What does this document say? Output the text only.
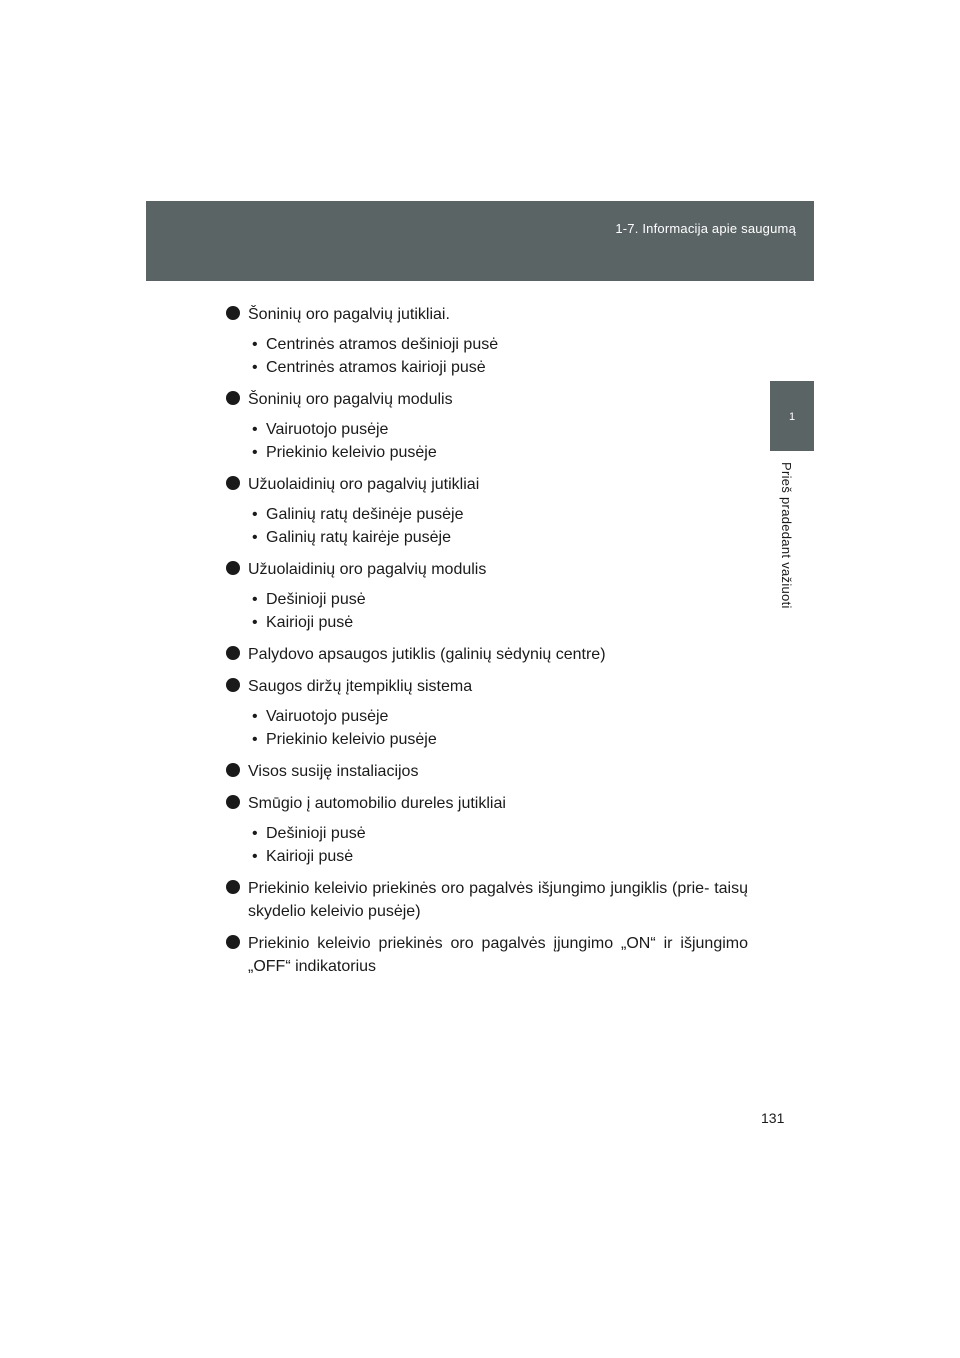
1-7. Informacija apie saugumą
1
Prieš pradedant važiuoti
Šoninių oro pagalvių jutikliai.
• Centrinės atramos dešinioji pusė
• Centrinės atramos kairioji pusė
Šoninių oro pagalvių modulis
• Vairuotojo pusėje
• Priekinio keleivio pusėje
Užuolaidinių oro pagalvių jutikliai
• Galinių ratų dešinėje pusėje
• Galinių ratų kairėje pusėje
Užuolaidinių oro pagalvių modulis
• Dešinioji pusė
• Kairioji pusė
Palydovo apsaugos jutiklis (galinių sėdynių centre)
Saugos diržų įtempiklių sistema
• Vairuotojo pusėje
• Priekinio keleivio pusėje
Visos susiję instaliacijos
Smūgio į automobilio dureles jutikliai
• Dešinioji pusė
• Kairioji pusė
Priekinio keleivio priekinės oro pagalvės išjungimo jungiklis (prie- taisų skydelio keleivio pusėje)
Priekinio keleivio priekinės oro pagalvės įjungimo „ON“ ir išjungimo „OFF“ indikatorius
131
